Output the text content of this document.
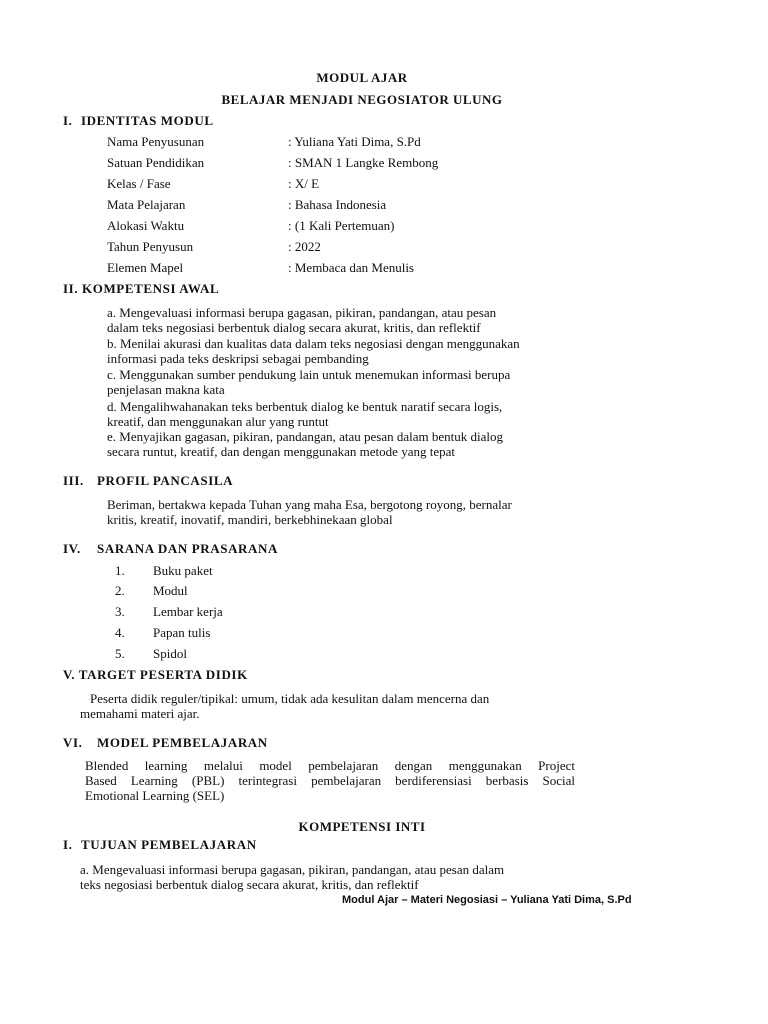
MODUL AJAR
BELAJAR MENJADI NEGOSIATOR ULUNG
I. IDENTITAS MODUL
Nama Penyusunan	: Yuliana Yati Dima, S.Pd
Satuan Pendidikan	: SMAN 1 Langke Rembong
Kelas / Fase	: X/ E
Mata Pelajaran	: Bahasa Indonesia
Alokasi Waktu	: (1 Kali Pertemuan)
Tahun Penyusun	: 2022
Elemen Mapel	: Membaca dan Menulis
II. KOMPETENSI AWAL
a. Mengevaluasi informasi berupa gagasan, pikiran, pandangan, atau pesan
dalam teks negosiasi berbentuk dialog secara akurat, kritis, dan reflektif
b. Menilai akurasi dan kualitas data dalam teks negosiasi dengan menggunakan
informasi pada teks deskripsi sebagai pembanding
c. Menggunakan sumber pendukung lain untuk menemukan informasi berupa
penjelasan makna kata
d. Mengalihwahanakan teks berbentuk dialog ke bentuk naratif secara logis,
kreatif, dan menggunakan alur yang runtut
e. Menyajikan gagasan, pikiran, pandangan, atau pesan dalam bentuk dialog
secara runtut, kreatif, dan dengan menggunakan metode yang tepat
III. PROFIL PANCASILA
Beriman, bertakwa kepada Tuhan yang maha Esa, bergotong royong, bernalar
kritis, kreatif, inovatif, mandiri, berkebhinekaan global
IV. SARANA DAN PRASARANA
1. Buku paket
2. Modul
3. Lembar kerja
4. Papan tulis
5. Spidol
V. TARGET PESERTA DIDIK
Peserta didik reguler/tipikal: umum, tidak ada kesulitan dalam mencerna dan
memahami materi ajar.
VI. MODEL PEMBELAJARAN
Blended learning melalui model pembelajaran dengan menggunakan Project
Based Learning (PBL) terintegrasi pembelajaran berdiferensiasi berbasis Social
Emotional Learning (SEL)
KOMPETENSI INTI
I. TUJUAN PEMBELAJARAN
a. Mengevaluasi informasi berupa gagasan, pikiran, pandangan, atau pesan dalam
teks negosiasi berbentuk dialog secara akurat, kritis, dan reflektif
Modul Ajar – Materi Negosiasi – Yuliana Yati Dima, S.Pd
